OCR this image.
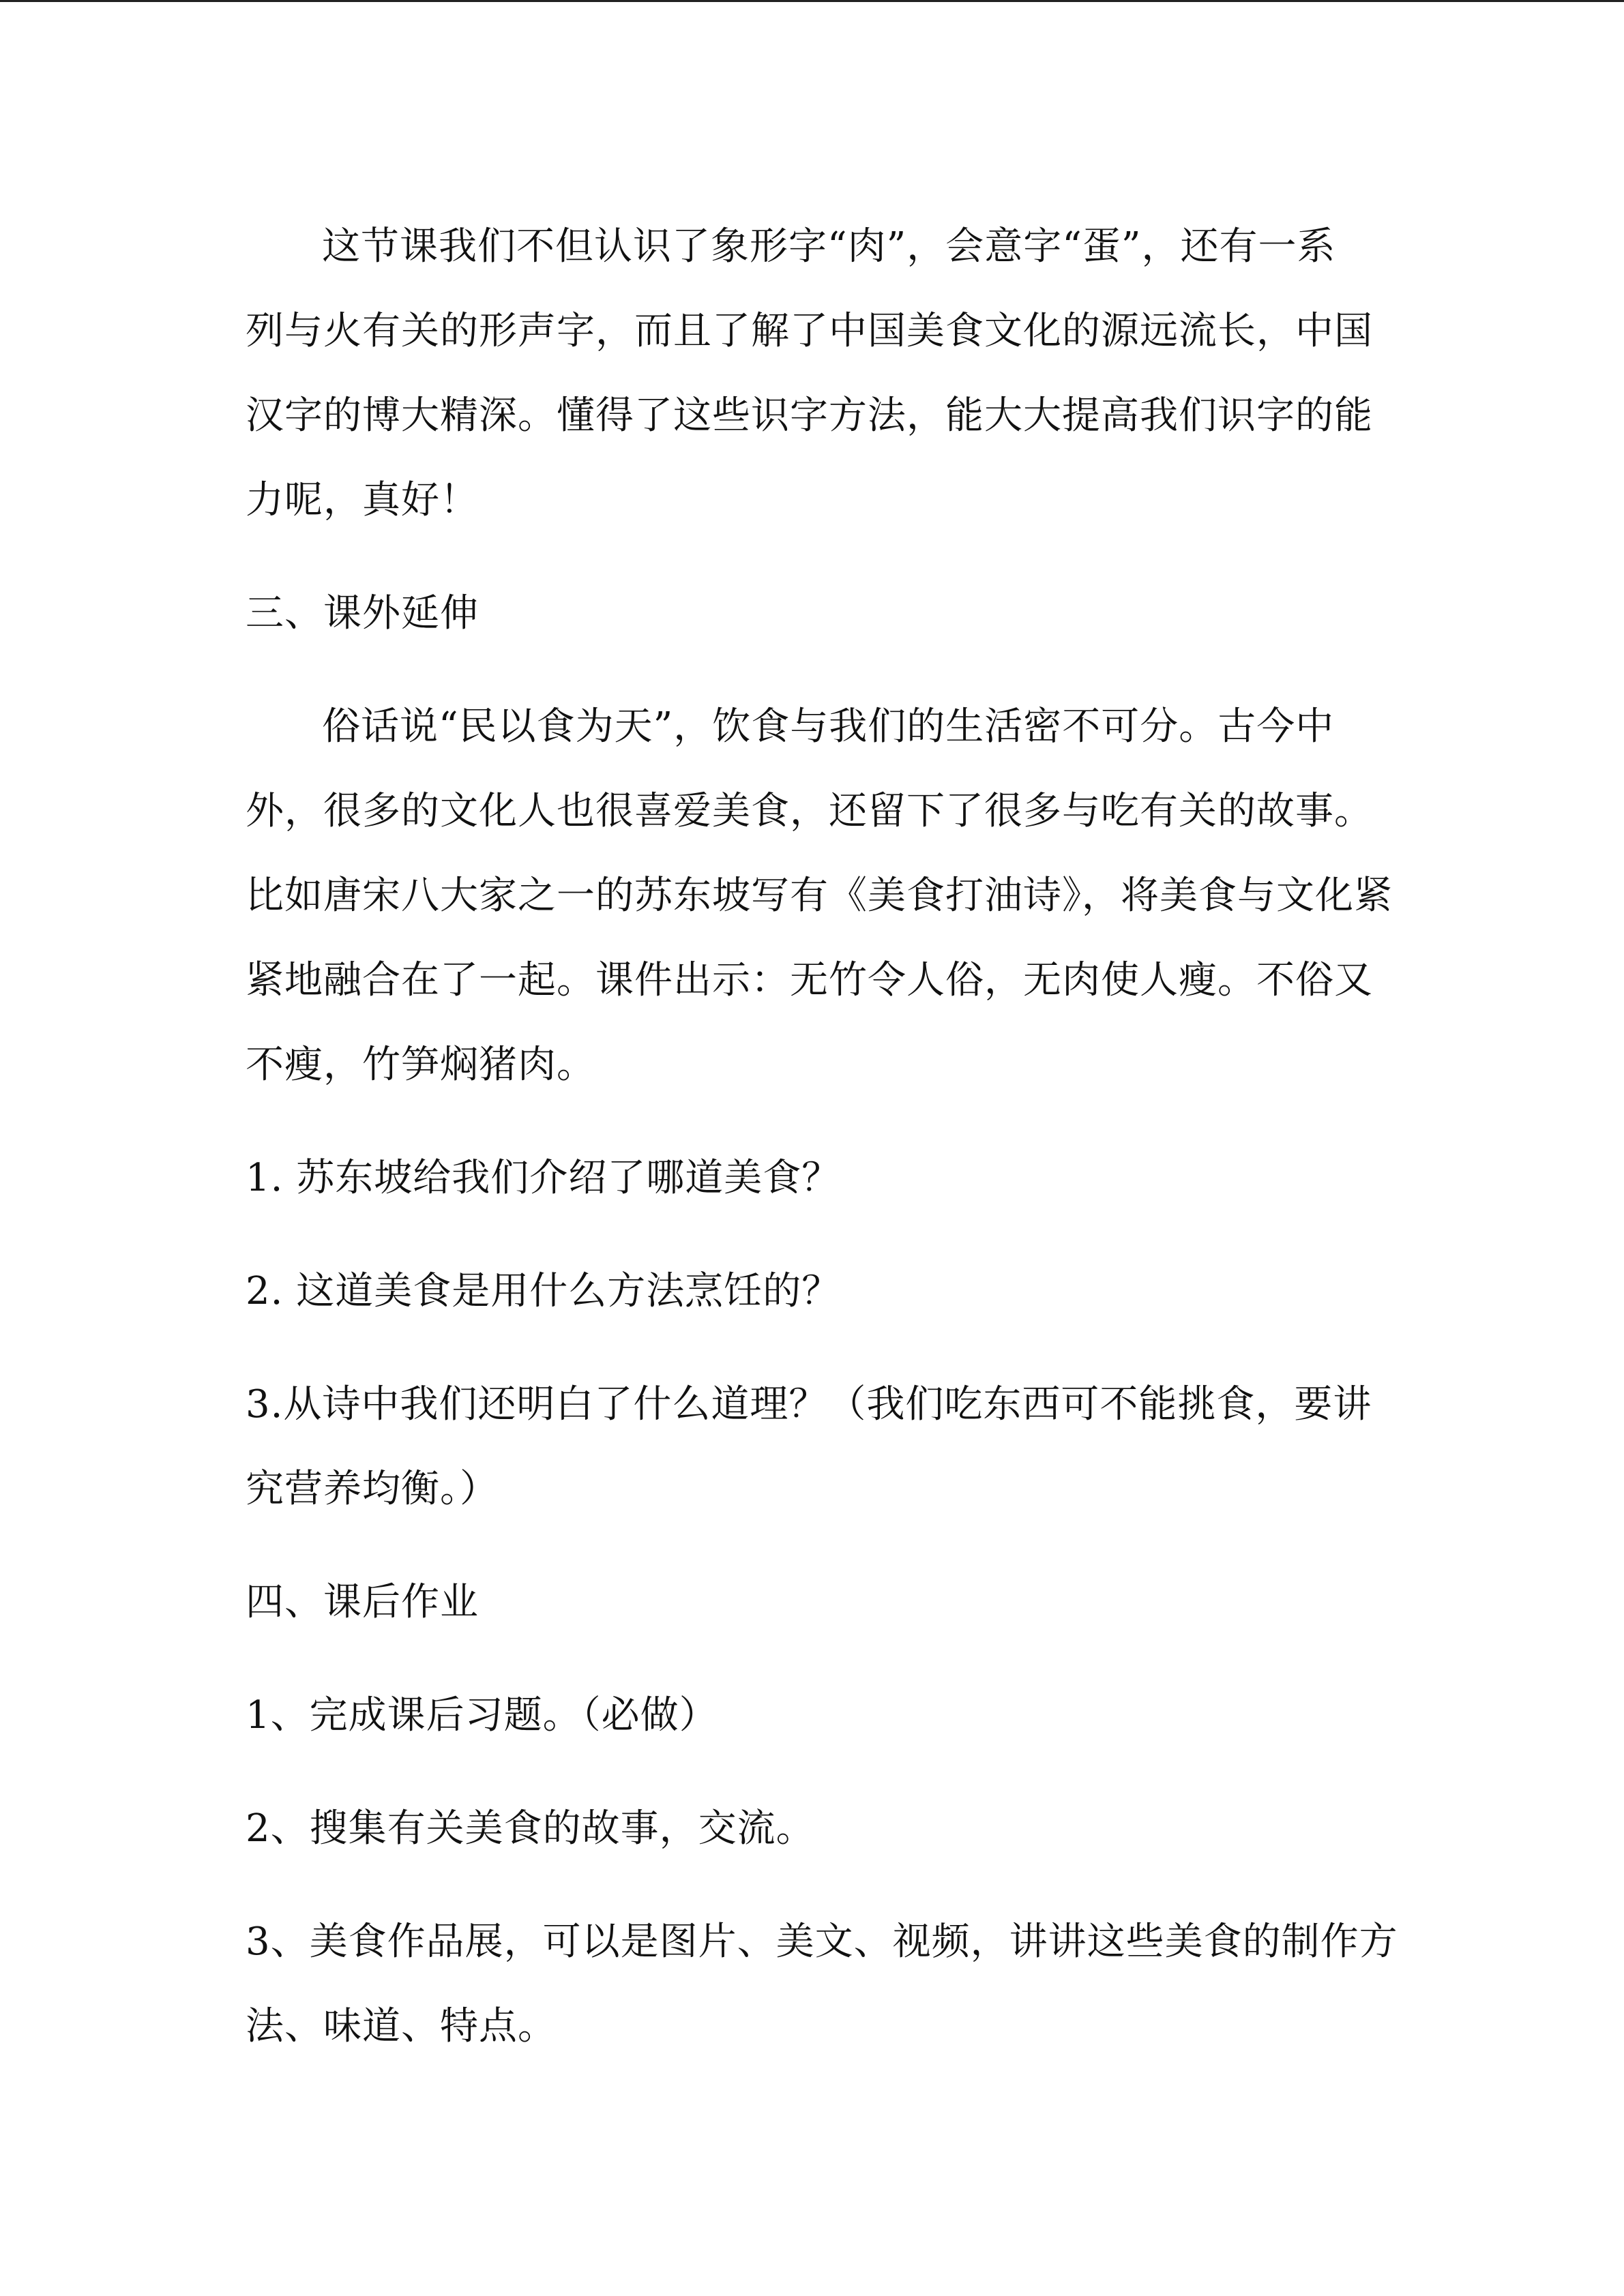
这节课我们不但认识了象形字“肉”，会意字“蛋”，还有一系
列与火有关的形声字，而且了解了中国美食文化的源远流长，中国
汉字的博大精深。懂得了这些识字方法，能大大提高我们识字的能
力呢，真好！

三、课外延伸

俗话说“民以食为天”，饮食与我们的生活密不可分。古今中
外，很多的文化人也很喜爱美食，还留下了很多与吃有关的故事。
比如唐宋八大家之一的苏东坡写有《美食打油诗》，将美食与文化紧
紧地融合在了一起。课件出示：无竹令人俗，无肉使人瘦。不俗又
不瘦，竹笋焖猪肉。

1. 苏东坡给我们介绍了哪道美食？

2. 这道美食是用什么方法烹饪的？

3.从诗中我们还明白了什么道理？（我们吃东西可不能挑食，要讲
究营养均衡。）

四、课后作业

1、完成课后习题。（必做）

2、搜集有关美食的故事，交流。

3、美食作品展，可以是图片、美文、视频，讲讲这些美食的制作方
法、味道、特点。
